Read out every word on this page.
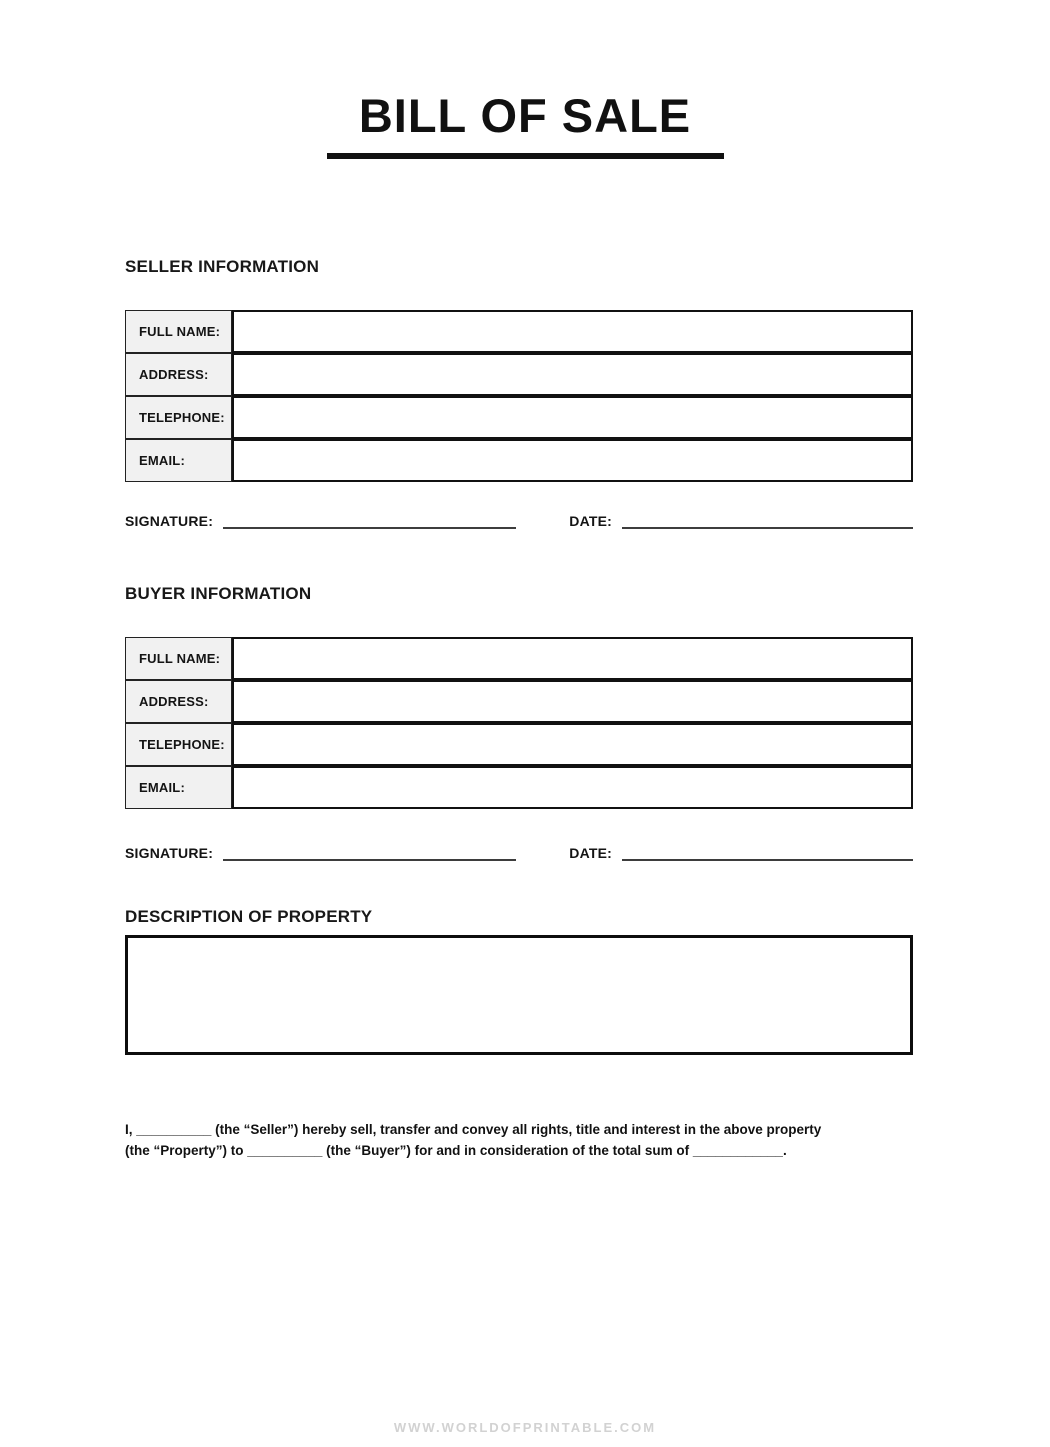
BILL OF SALE
SELLER INFORMATION
FULL NAME:
ADDRESS:
TELEPHONE:
EMAIL:
SIGNATURE:	DATE:
BUYER INFORMATION
FULL NAME:
ADDRESS:
TELEPHONE:
EMAIL:
SIGNATURE:	DATE:
DESCRIPTION OF PROPERTY
I, __________ (the “Seller”) hereby sell, transfer and convey all rights, title and interest in the above property
(the “Property”) to __________ (the “Buyer”) for and in consideration of the total sum of ____________.
WWW.WORLDOFPRINTABLE.COM
